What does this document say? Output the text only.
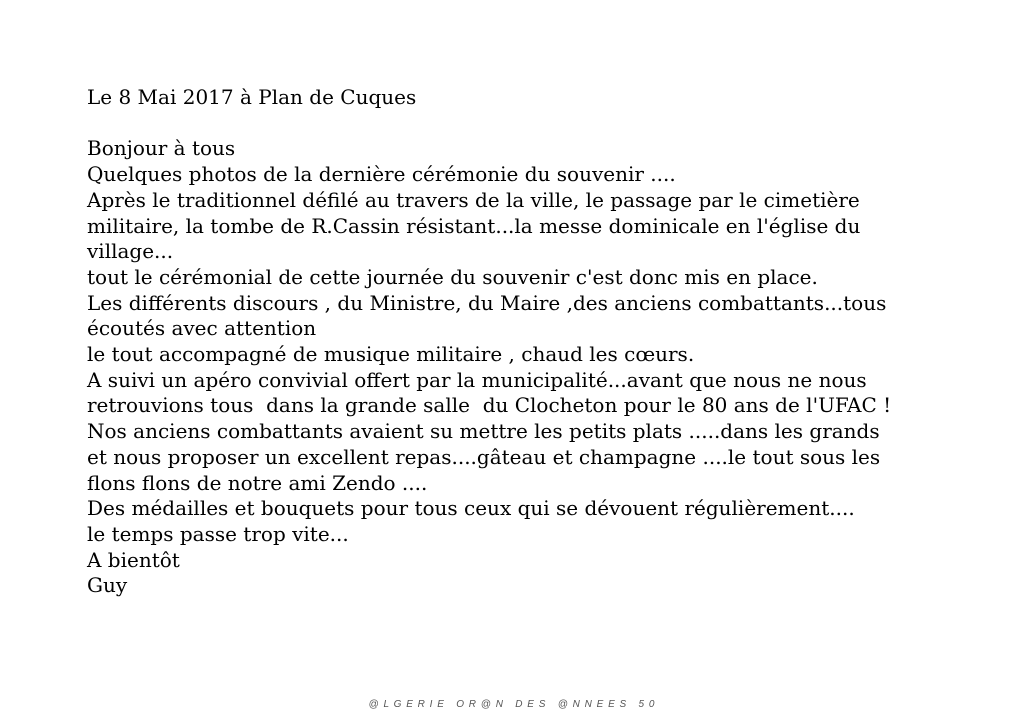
Le 8 Mai 2017 à Plan de Cuques
Bonjour à tous
Quelques photos de la dernière cérémonie du souvenir ....
Après le traditionnel défilé au travers de la ville, le passage par le cimetière
militaire, la tombe de R.Cassin résistant...la messe dominicale en l'église du
village...
tout le cérémonial de cette journée du souvenir c'est donc mis en place.
Les différents discours , du Ministre, du Maire ,des anciens combattants...tous
écoutés avec attention
le tout accompagné de musique militaire , chaud les cœurs.
A suivi un apéro convivial offert par la municipalité...avant que nous ne nous
retrouvions tous  dans la grande salle  du Clocheton pour le 80 ans de l'UFAC !
Nos anciens combattants avaient su mettre les petits plats .....dans les grands
et nous proposer un excellent repas....gâteau et champagne ....le tout sous les
flons flons de notre ami Zendo ....
Des médailles et bouquets pour tous ceux qui se dévouent régulièrement....
le temps passe trop vite...
A bientôt
Guy
@ L G E R I E   O R @ N   D E S   @ N N E E S   5 0
